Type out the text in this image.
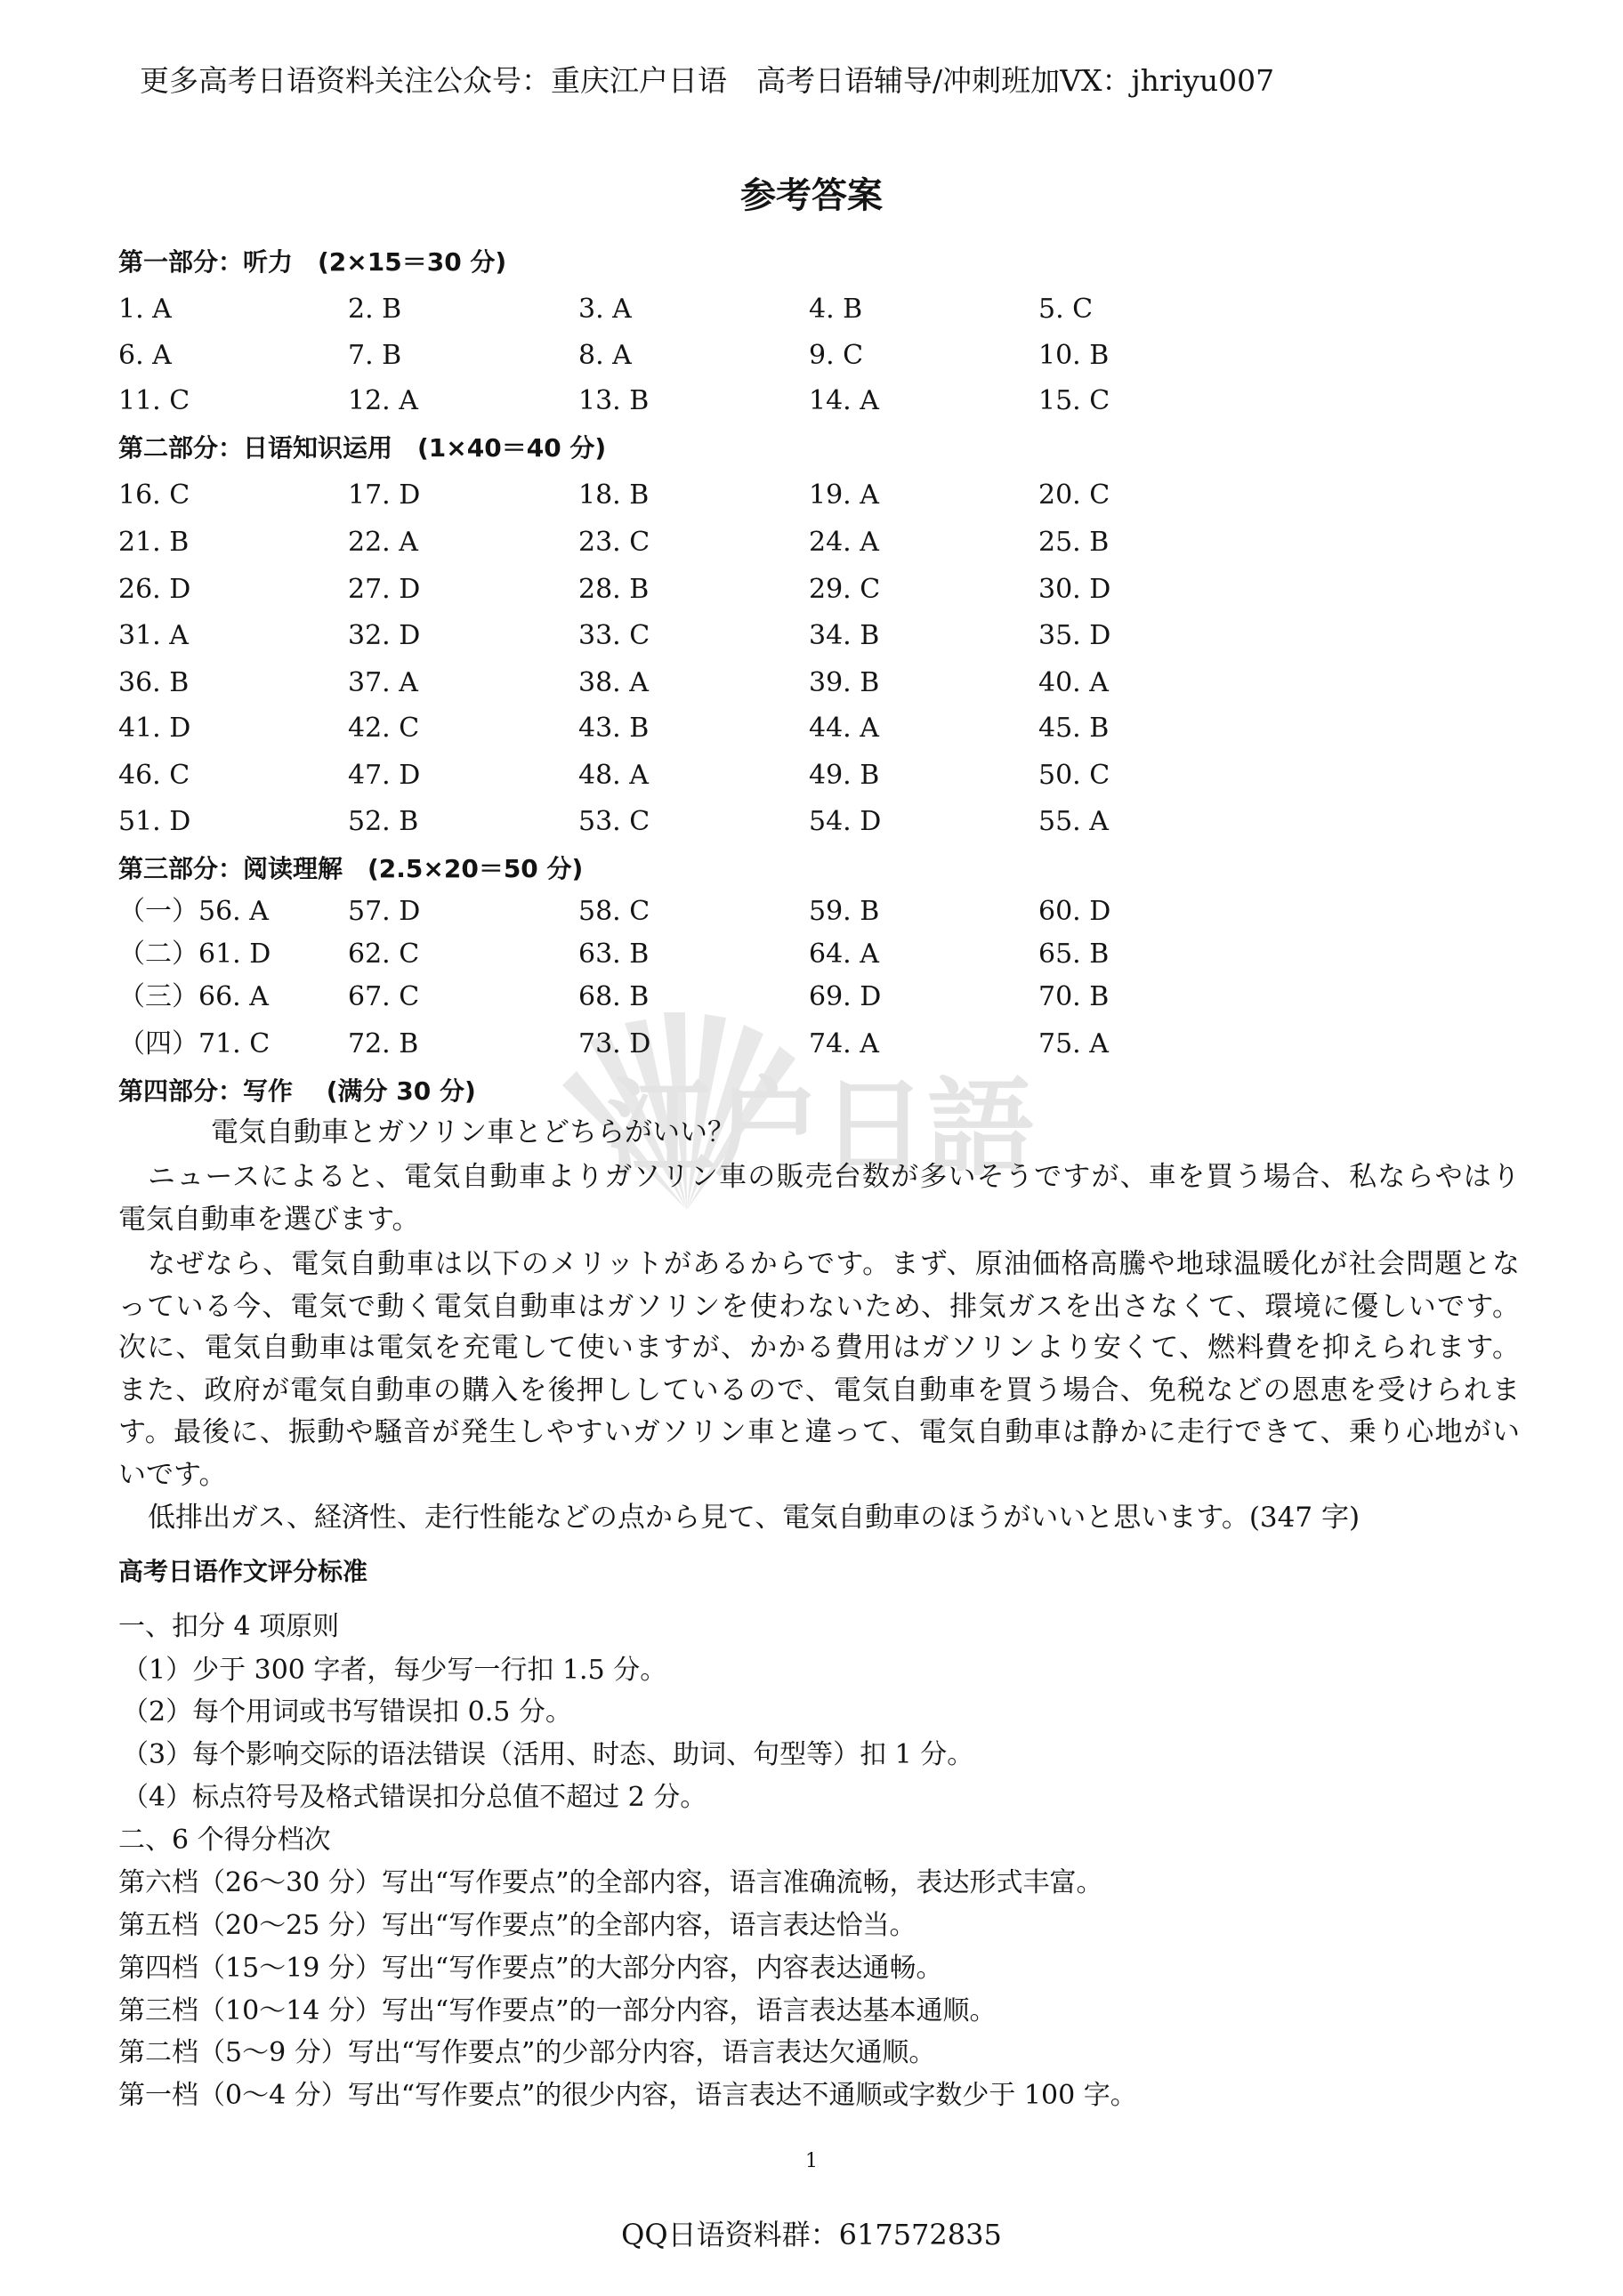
江户日語
更多高考日语资料关注公众号：重庆江户日语　高考日语辅导/冲刺班加VX：jhriyu007
参考答案
第一部分：听力　(2×15＝30 分)
1. A	2. B	3. A	4. B	5. C
6. A	7. B	8. A	9. C	10. B
11. C	12. A	13. B	14. A	15. C
第二部分：日语知识运用　(1×40＝40 分)
16. C	17. D	18. B	19. A	20. C
21. B	22. A	23. C	24. A	25. B
26. D	27. D	28. B	29. C	30. D
31. A	32. D	33. C	34. B	35. D
36. B	37. A	38. A	39. B	40. A
41. D	42. C	43. B	44. A	45. B
46. C	47. D	48. A	49. B	50. C
51. D	52. B	53. C	54. D	55. A
第三部分：阅读理解　(2.5×20＝50 分)
（一）56. A	57. D	58. C	59. B	60. D
（二）61. D	62. C	63. B	64. A	65. B
（三）66. A	67. C	68. B	69. D	70. B
（四）71. C	72. B	73. D	74. A	75. A
第四部分：写作　 (满分 30 分)
電気自動車とガソリン車とどちらがいい？
ニュースによると、電気自動車よりガソリン車の販売台数が多いそうですが、車を買う場合、私ならやはり
電気自動車を選びます。
なぜなら、電気自動車は以下のメリットがあるからです。まず、原油価格高騰や地球温暖化が社会問題とな
っている今、電気で動く電気自動車はガソリンを使わないため、排気ガスを出さなくて、環境に優しいです。
次に、電気自動車は電気を充電して使いますが、かかる費用はガソリンより安くて、燃料費を抑えられます。
また、政府が電気自動車の購入を後押ししているので、電気自動車を買う場合、免税などの恩恵を受けられま
す。最後に、振動や騒音が発生しやすいガソリン車と違って、電気自動車は静かに走行できて、乗り心地がい
いです。
低排出ガス、経済性、走行性能などの点から見て、電気自動車のほうがいいと思います。(347 字)
高考日语作文评分标准
一、扣分 4 项原则
（1）少于 300 字者，每少写一行扣 1.5 分。
（2）每个用词或书写错误扣 0.5 分。
（3）每个影响交际的语法错误（活用、时态、助词、句型等）扣 1 分。
（4）标点符号及格式错误扣分总值不超过 2 分。
二、6 个得分档次
第六档（26～30 分）写出“写作要点”的全部内容，语言准确流畅，表达形式丰富。
第五档（20～25 分）写出“写作要点”的全部内容，语言表达恰当。
第四档（15～19 分）写出“写作要点”的大部分内容，内容表达通畅。
第三档（10～14 分）写出“写作要点”的一部分内容，语言表达基本通顺。
第二档（5～9 分）写出“写作要点”的少部分内容，语言表达欠通顺。
第一档（0～4 分）写出“写作要点”的很少内容，语言表达不通顺或字数少于 100 字。
1
QQ日语资料群：617572835
